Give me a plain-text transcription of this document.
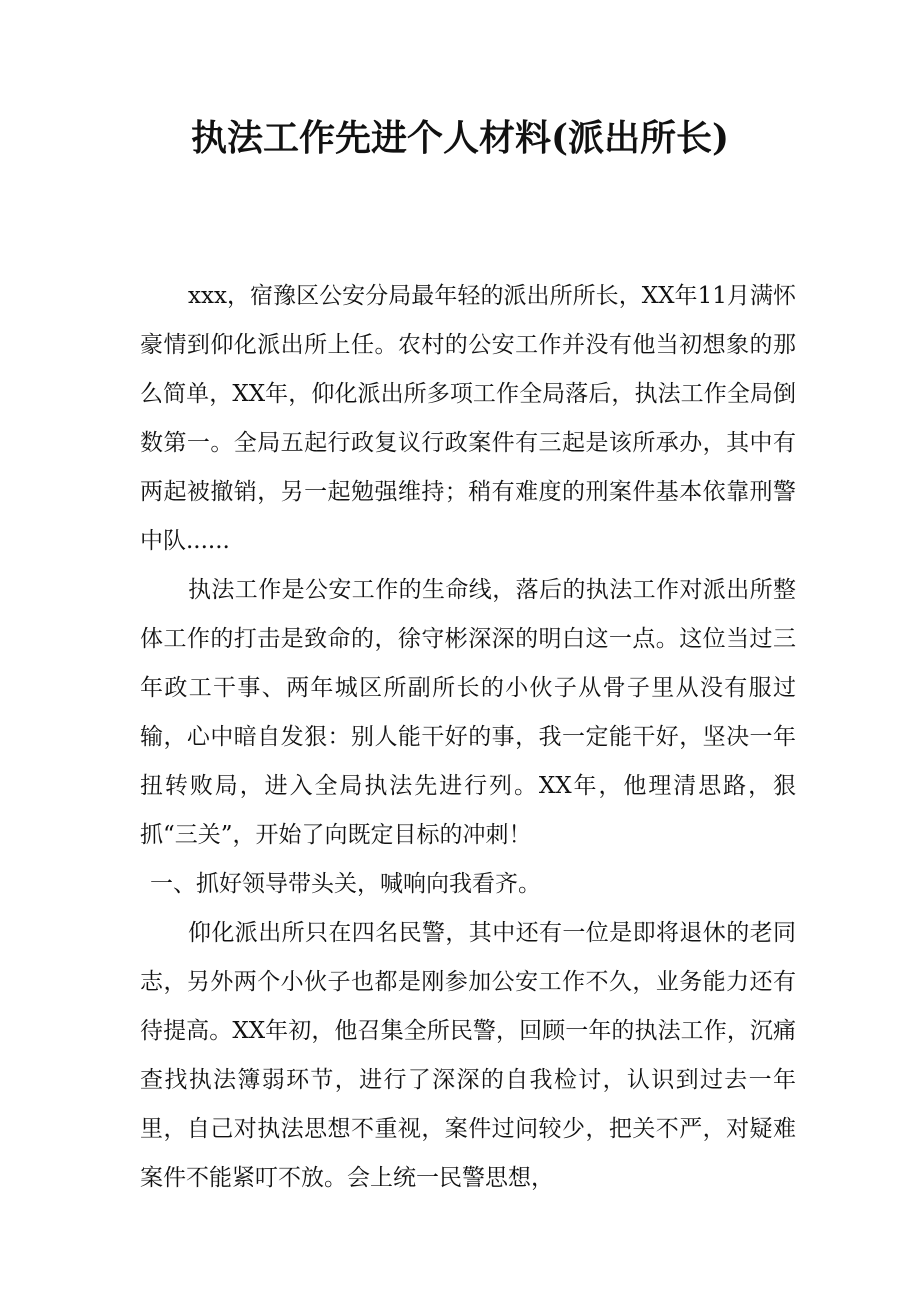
执法工作先进个人材料(派出所长)

xxx，宿豫区公安分局最年轻的派出所所长，XX年11月满怀豪情到仰化派出所上任。农村的公安工作并没有他当初想象的那么简单，XX年，仰化派出所多项工作全局落后，执法工作全局倒数第一。全局五起行政复议行政案件有三起是该所承办，其中有两起被撤销，另一起勉强维持；稍有难度的刑案件基本依靠刑警中队......

执法工作是公安工作的生命线，落后的执法工作对派出所整体工作的打击是致命的，徐守彬深深的明白这一点。这位当过三年政工干事、两年城区所副所长的小伙子从骨子里从没有服过输，心中暗自发狠：别人能干好的事，我一定能干好，坚决一年扭转败局，进入全局执法先进行列。XX年，他理清思路，狠抓“三关”，开始了向既定目标的冲刺！

一、抓好领导带头关，喊响向我看齐。

仰化派出所只在四名民警，其中还有一位是即将退休的老同志，另外两个小伙子也都是刚参加公安工作不久，业务能力还有待提高。XX年初，他召集全所民警，回顾一年的执法工作，沉痛查找执法簿弱环节，进行了深深的自我检讨，认识到过去一年里，自己对执法思想不重视，案件过问较少，把关不严，对疑难案件不能紧叮不放。会上统一民警思想，
